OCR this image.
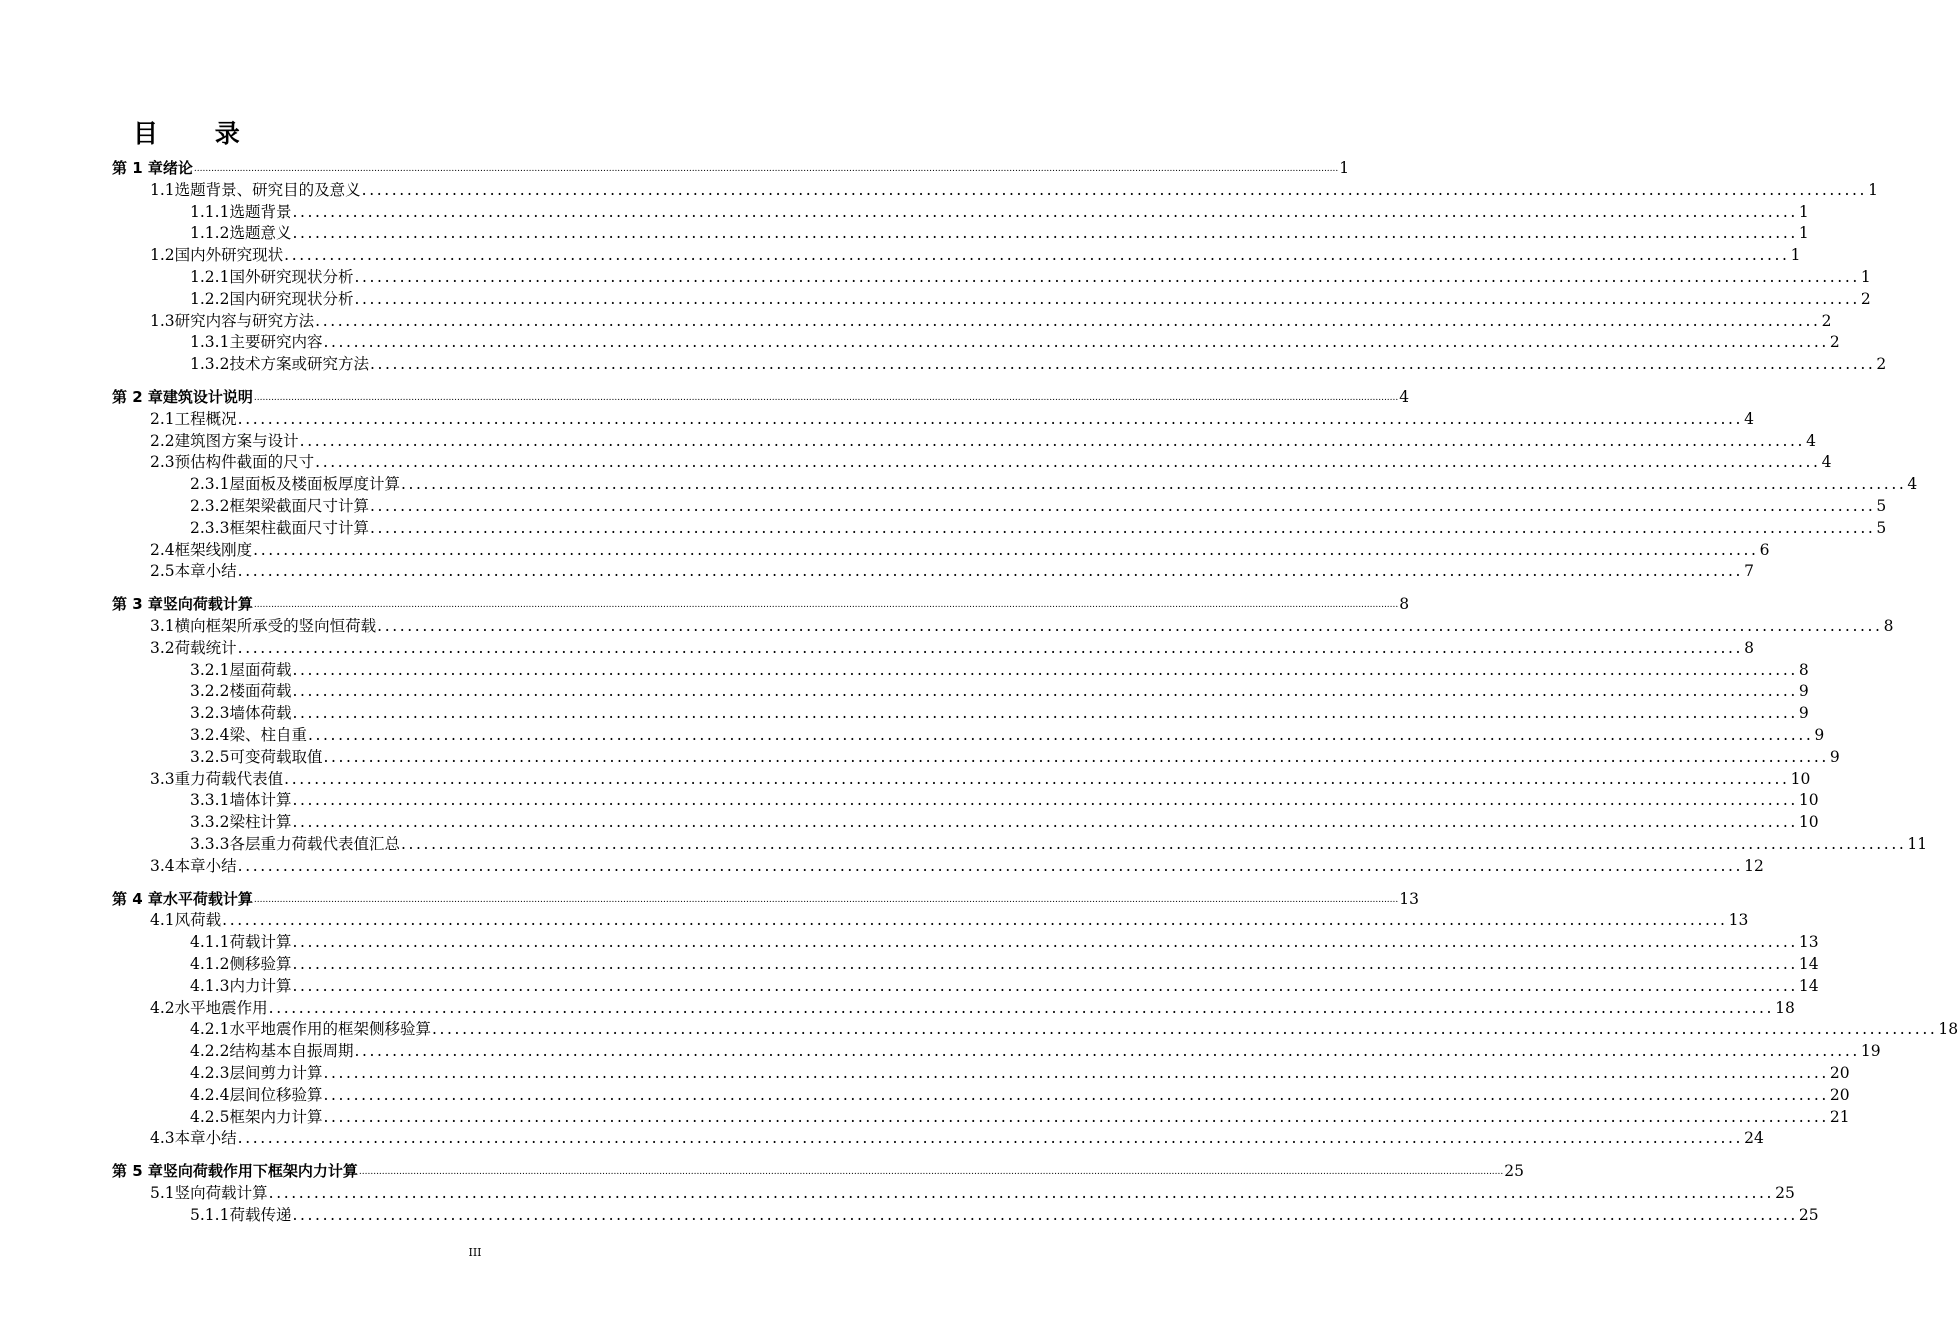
目 录
第 1 章 绪论 ................................................................................................................................................................................................................................................................................................................................................................................................................ 1
1.1 选题背景、研究目的及意义 ........................................................................................................................................................................................................ 1
1.1.1 选题背景 ........................................................................................................................................................................................................ 1
1.1.2 选题意义 ........................................................................................................................................................................................................ 1
1.2 国内外研究现状 ........................................................................................................................................................................................................ 1
1.2.1 国外研究现状分析 ........................................................................................................................................................................................................ 1
1.2.2 国内研究现状分析 ........................................................................................................................................................................................................ 2
1.3 研究内容与研究方法 ........................................................................................................................................................................................................ 2
1.3.1 主要研究内容 ........................................................................................................................................................................................................ 2
1.3.2 技术方案或研究方法 ........................................................................................................................................................................................................ 2
第 2 章 建筑设计说明 ................................................................................................................................................................................................................................................................................................................................................................................................................ 4
2.1 工程概况 ........................................................................................................................................................................................................ 4
2.2 建筑图方案与设计 ........................................................................................................................................................................................................ 4
2.3 预估构件截面的尺寸 ........................................................................................................................................................................................................ 4
2.3.1 屋面板及楼面板厚度计算 ........................................................................................................................................................................................................ 4
2.3.2 框架梁截面尺寸计算 ........................................................................................................................................................................................................ 5
2.3.3 框架柱截面尺寸计算 ........................................................................................................................................................................................................ 5
2.4 框架线刚度 ........................................................................................................................................................................................................ 6
2.5 本章小结 ........................................................................................................................................................................................................ 7
第 3 章 竖向荷载计算 ................................................................................................................................................................................................................................................................................................................................................................................................................ 8
3.1 横向框架所承受的竖向恒荷载 ........................................................................................................................................................................................................ 8
3.2 荷载统计 ........................................................................................................................................................................................................ 8
3.2.1 屋面荷载 ........................................................................................................................................................................................................ 8
3.2.2 楼面荷载 ........................................................................................................................................................................................................ 9
3.2.3 墙体荷载 ........................................................................................................................................................................................................ 9
3.2.4 梁、柱自重 ........................................................................................................................................................................................................ 9
3.2.5 可变荷载取值 ........................................................................................................................................................................................................ 9
3.3 重力荷载代表值 ........................................................................................................................................................................................................ 10
3.3.1 墙体计算 ........................................................................................................................................................................................................ 10
3.3.2 梁柱计算 ........................................................................................................................................................................................................ 10
3.3.3 各层重力荷载代表值汇总 ........................................................................................................................................................................................................ 11
3.4 本章小结 ........................................................................................................................................................................................................ 12
第 4 章 水平荷载计算 ................................................................................................................................................................................................................................................................................................................................................................................................................ 13
4.1 风荷载 ........................................................................................................................................................................................................ 13
4.1.1 荷载计算 ........................................................................................................................................................................................................ 13
4.1.2 侧移验算 ........................................................................................................................................................................................................ 14
4.1.3 内力计算 ........................................................................................................................................................................................................ 14
4.2 水平地震作用 ........................................................................................................................................................................................................ 18
4.2.1 水平地震作用的框架侧移验算 ........................................................................................................................................................................................................ 18
4.2.2 结构基本自振周期 ........................................................................................................................................................................................................ 19
4.2.3 层间剪力计算 ........................................................................................................................................................................................................ 20
4.2.4 层间位移验算 ........................................................................................................................................................................................................ 20
4.2.5 框架内力计算 ........................................................................................................................................................................................................ 21
4.3 本章小结 ........................................................................................................................................................................................................ 24
第 5 章 竖向荷载作用下框架内力计算 ................................................................................................................................................................................................................................................................................................................................................................................................................ 25
5.1 竖向荷载计算 ........................................................................................................................................................................................................ 25
5.1.1 荷载传递 ........................................................................................................................................................................................................ 25
III
